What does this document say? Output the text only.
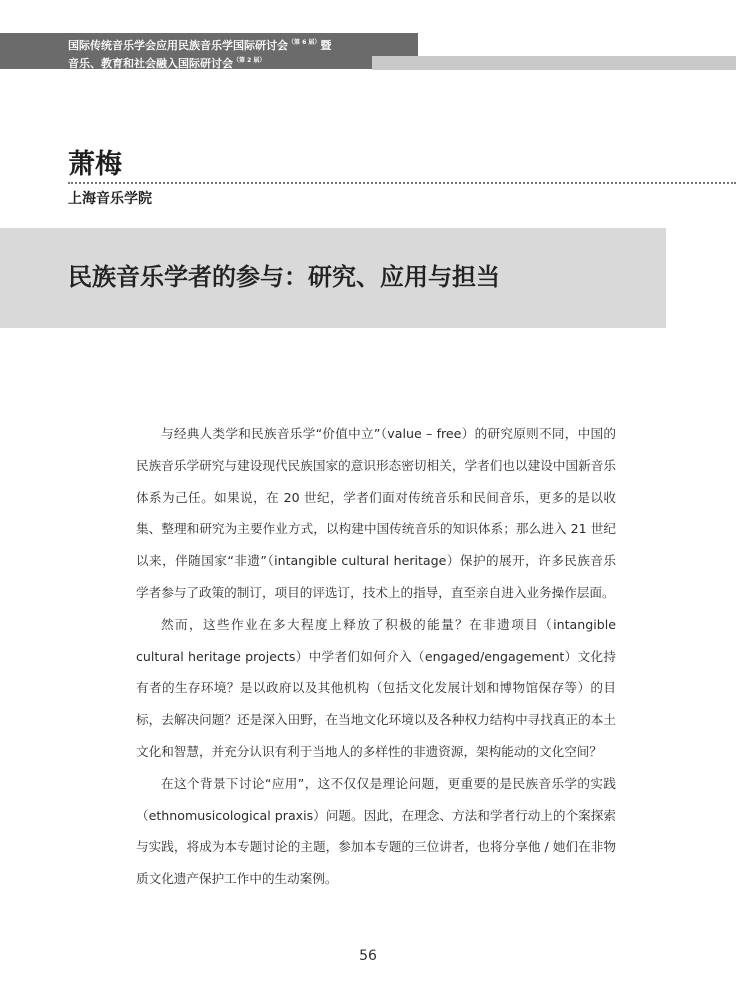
国际传统音乐学会应用民族音乐学国际研讨会$^{(第 6 届)}$暨
音乐、教育和社会融入国际研讨会$^{(第 2 届)}$
萧梅
上海音乐学院
民族音乐学者的参与：研究、应用与担当

与经典人类学和民族音乐学“价值中立”（value – free）的研究原则不同，中国的民族音乐学研究与建设现代民族国家的意识形态密切相关，学者们也以建设中国新音乐体系为己任。如果说，在 20 世纪，学者们面对传统音乐和民间音乐，更多的是以收集、整理和研究为主要作业方式，以构建中国传统音乐的知识体系；那么进入 21 世纪以来，伴随国家“非遗”（intangible cultural heritage）保护的展开，许多民族音乐学者参与了政策的制订，项目的评选订，技术上的指导，直至亲自进入业务操作层面。

然而，这些作业在多大程度上释放了积极的能量？在非遗项目（intangible cultural heritage projects）中学者们如何介入（engaged/engagement）文化持有者的生存环境？是以政府以及其他机构（包括文化发展计划和博物馆保存等）的目标，去解决问题？还是深入田野，在当地文化环境以及各种权力结构中寻找真正的本土文化和智慧，并充分认识有利于当地人的多样性的非遗资源，架构能动的文化空间？

在这个背景下讨论“应用”，这不仅仅是理论问题，更重要的是民族音乐学的实践（ethnomusicological praxis）问题。因此，在理念、方法和学者行动上的个案探索与实践，将成为本专题讨论的主题，参加本专题的三位讲者，也将分享他 / 她们在非物质文化遗产保护工作中的生动案例。

56
